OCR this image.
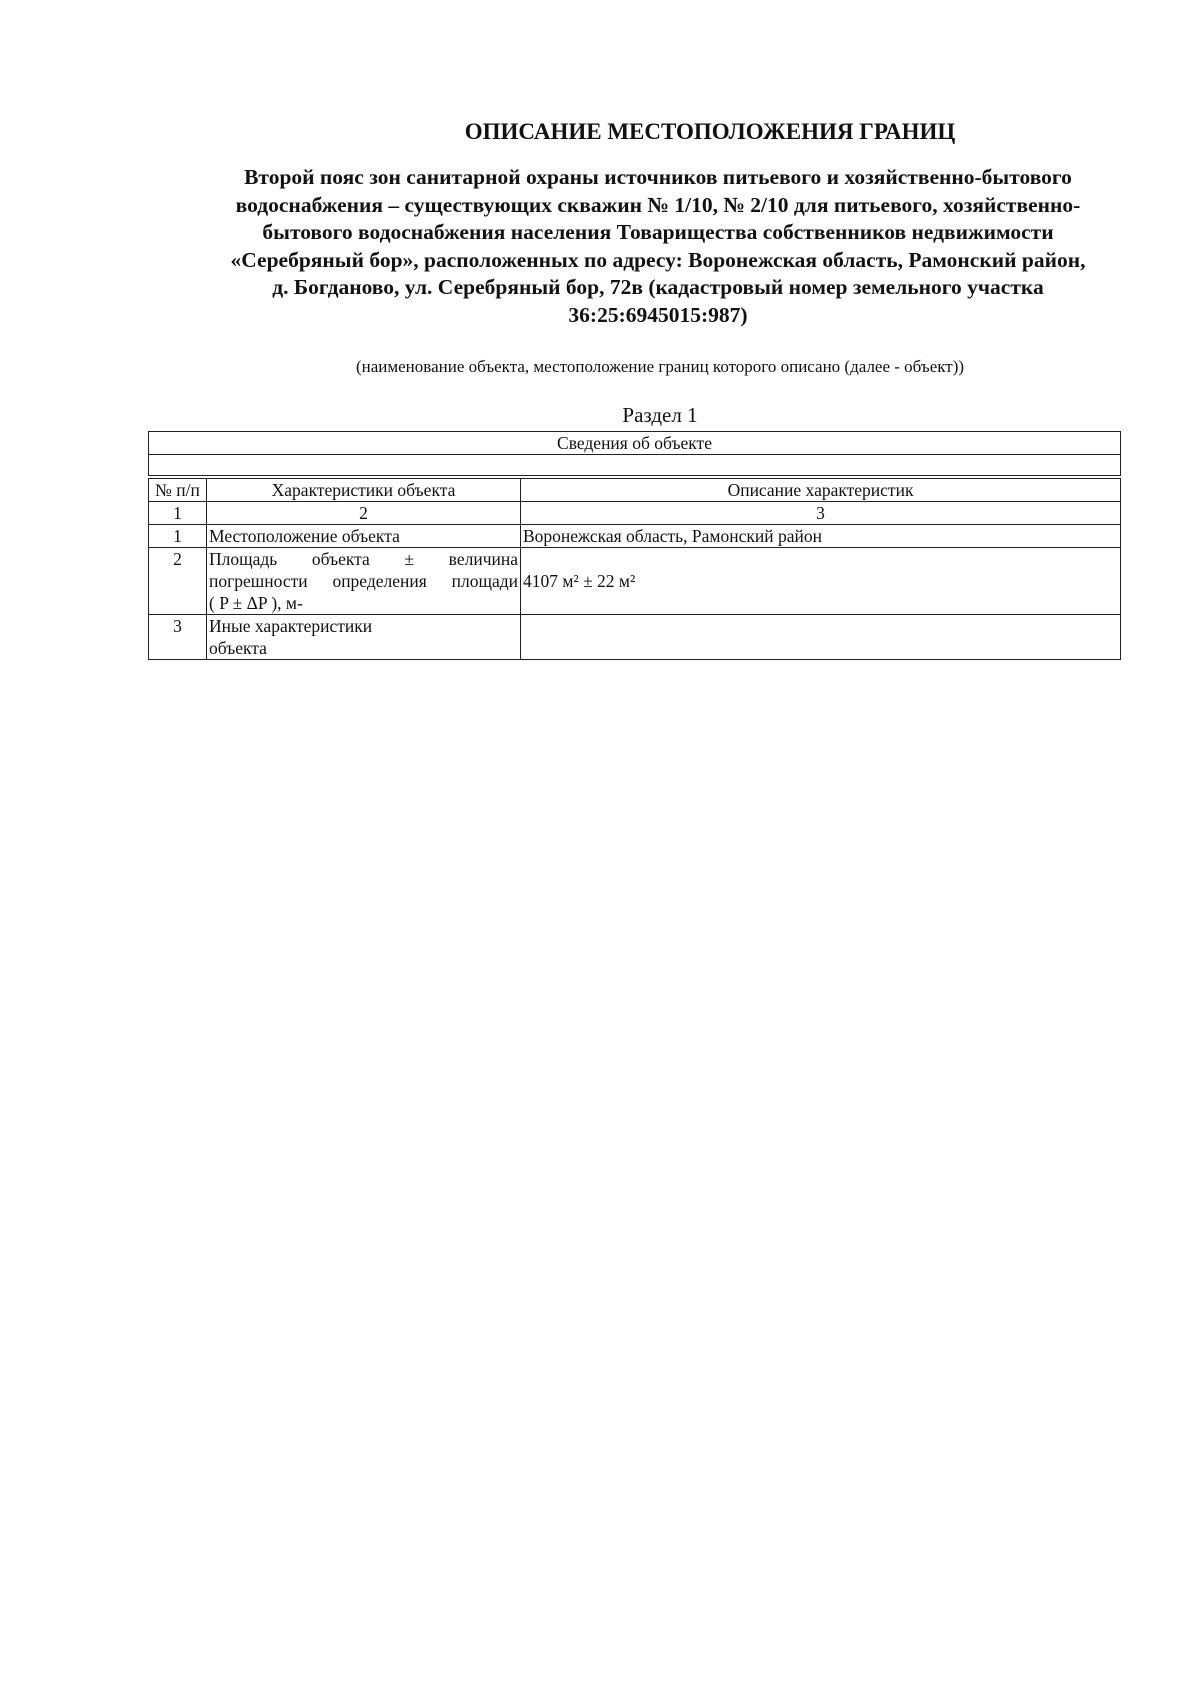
ОПИСАНИЕ МЕСТОПОЛОЖЕНИЯ ГРАНИЦ
Второй пояс зон санитарной охраны источников питьевого и хозяйственно-бытового
водоснабжения – существующих скважин № 1/10, № 2/10 для питьевого, хозяйственно-
бытового водоснабжения населения Товарищества собственников недвижимости
«Серебряный бор», расположенных по адресу: Воронежская область, Рамонский район,
д. Богданово, ул. Серебряный бор, 72в (кадастровый номер земельного участка
36:25:6945015:987)

(наименование объекта, местоположение границ которого описано (далее - объект))

Раздел 1

Сведения об объекте		

№ п/п	Характеристики объекта	Описание характеристик
1	2	3
1	Местоположение объекта	Воронежская область, Рамонский район
2	Площадь объекта ± величина
погрешности определения площади
( P ± ΔP ), м-	4107 м² ± 22 м²
3	Иные характеристики
объекта	
